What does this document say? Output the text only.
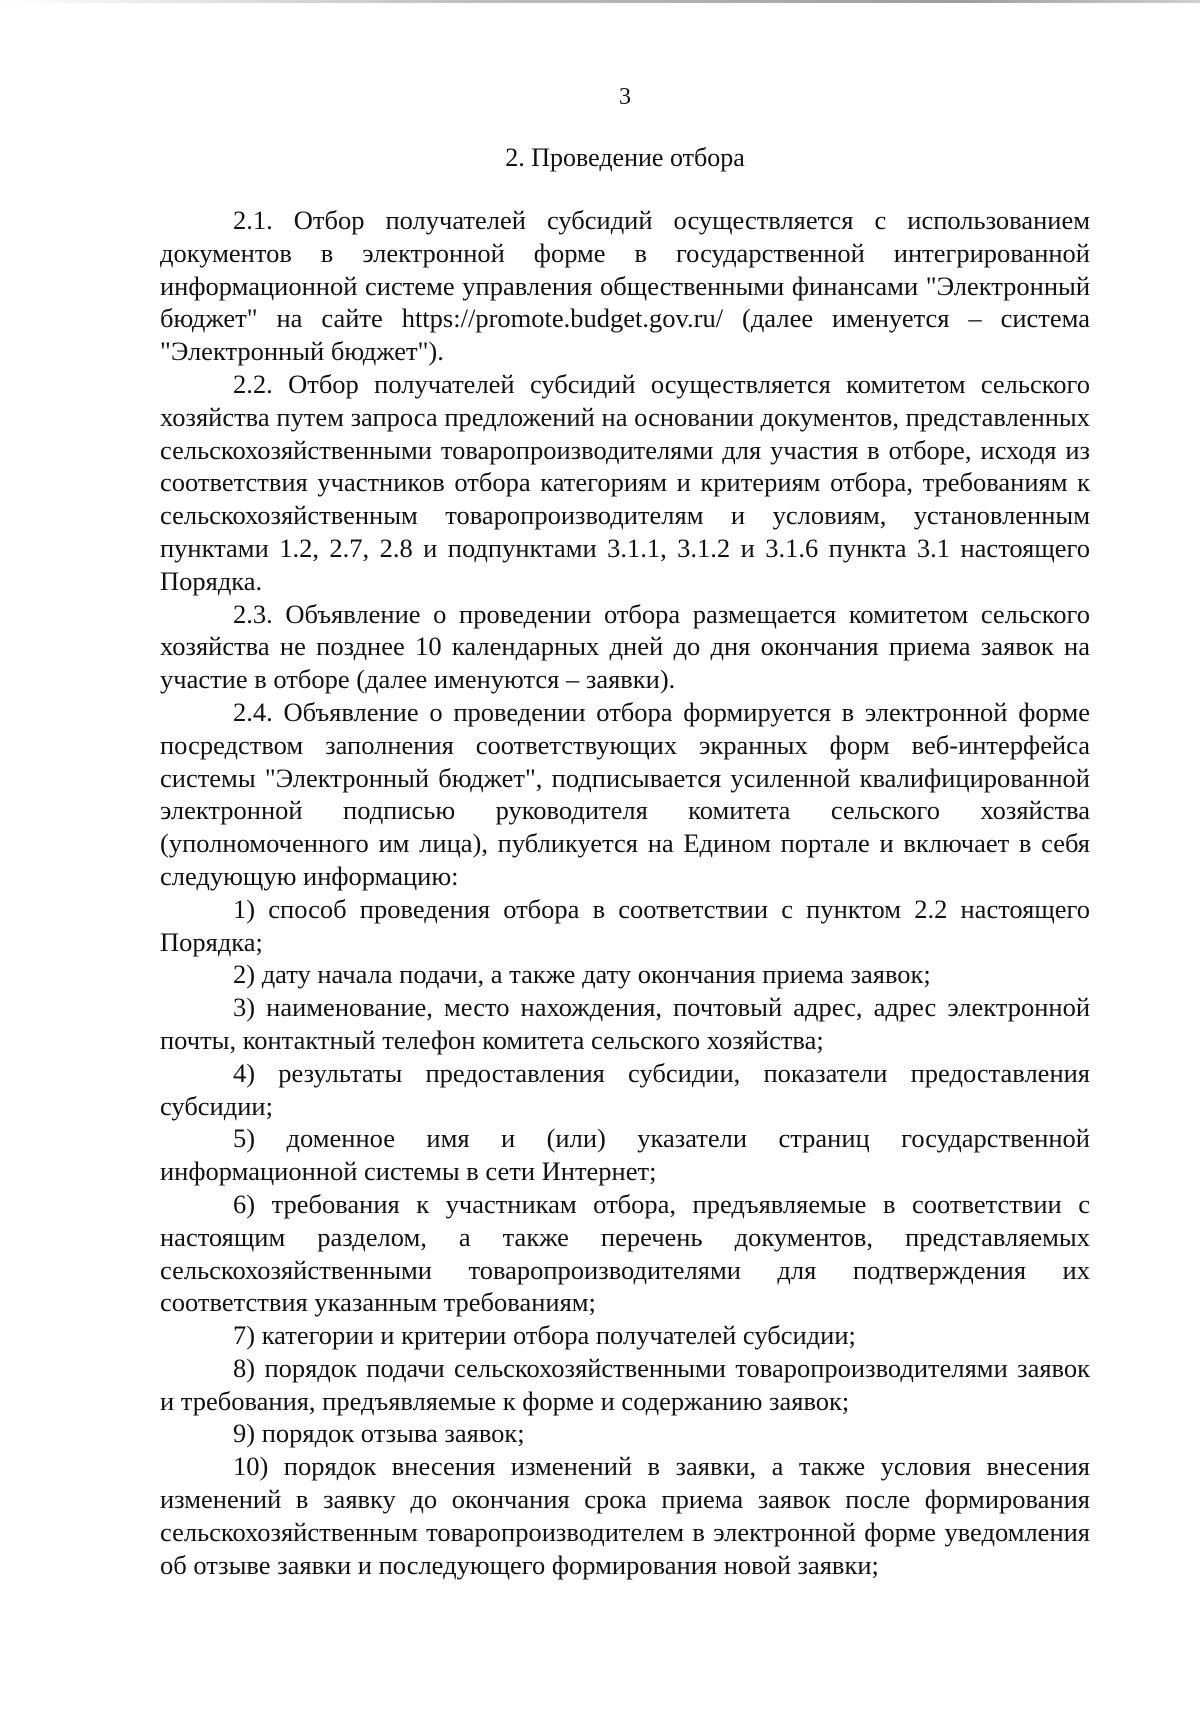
3
2. Проведение отбора

2.1. Отбор получателей субсидий осуществляется с использованием документов в электронной форме в государственной интегрированной информационной системе управления общественными финансами "Электронный бюджет" на сайте https://promote.budget.gov.ru/ (далее именуется – система "Электронный бюджет").

2.2. Отбор получателей субсидий осуществляется комитетом сельского хозяйства путем запроса предложений на основании документов, представленных сельскохозяйственными товаропроизводителями для участия в отборе, исходя из соответствия участников отбора категориям и критериям отбора, требованиям к сельскохозяйственным товаропроизводителям и условиям, установленным пунктами 1.2, 2.7, 2.8 и подпунктами 3.1.1, 3.1.2 и 3.1.6 пункта 3.1 настоящего Порядка.

2.3. Объявление о проведении отбора размещается комитетом сельского хозяйства не позднее 10 календарных дней до дня окончания приема заявок на участие в отборе (далее именуются – заявки).

2.4. Объявление о проведении отбора формируется в электронной форме посредством заполнения соответствующих экранных форм веб-интерфейса системы "Электронный бюджет", подписывается усиленной квалифицированной электронной подписью руководителя комитета сельского хозяйства (уполномоченного им лица), публикуется на Едином портале и включает в себя следующую информацию:

1) способ проведения отбора в соответствии с пунктом 2.2 настоящего Порядка;

2) дату начала подачи, а также дату окончания приема заявок;

3) наименование, место нахождения, почтовый адрес, адрес электронной почты, контактный телефон комитета сельского хозяйства;

4) результаты предоставления субсидии, показатели предоставления субсидии;

5) доменное имя и (или) указатели страниц государственной информационной системы в сети Интернет;

6) требования к участникам отбора, предъявляемые в соответствии с настоящим разделом, а также перечень документов, представляемых сельскохозяйственными товаропроизводителями для подтверждения их соответствия указанным требованиям;

7) категории и критерии отбора получателей субсидии;

8) порядок подачи сельскохозяйственными товаропроизводителями заявок и требования, предъявляемые к форме и содержанию заявок;

9) порядок отзыва заявок;

10) порядок внесения изменений в заявки, а также условия внесения изменений в заявку до окончания срока приема заявок после формирования сельскохозяйственным товаропроизводителем в электронной форме уведомления об отзыве заявки и последующего формирования новой заявки;
